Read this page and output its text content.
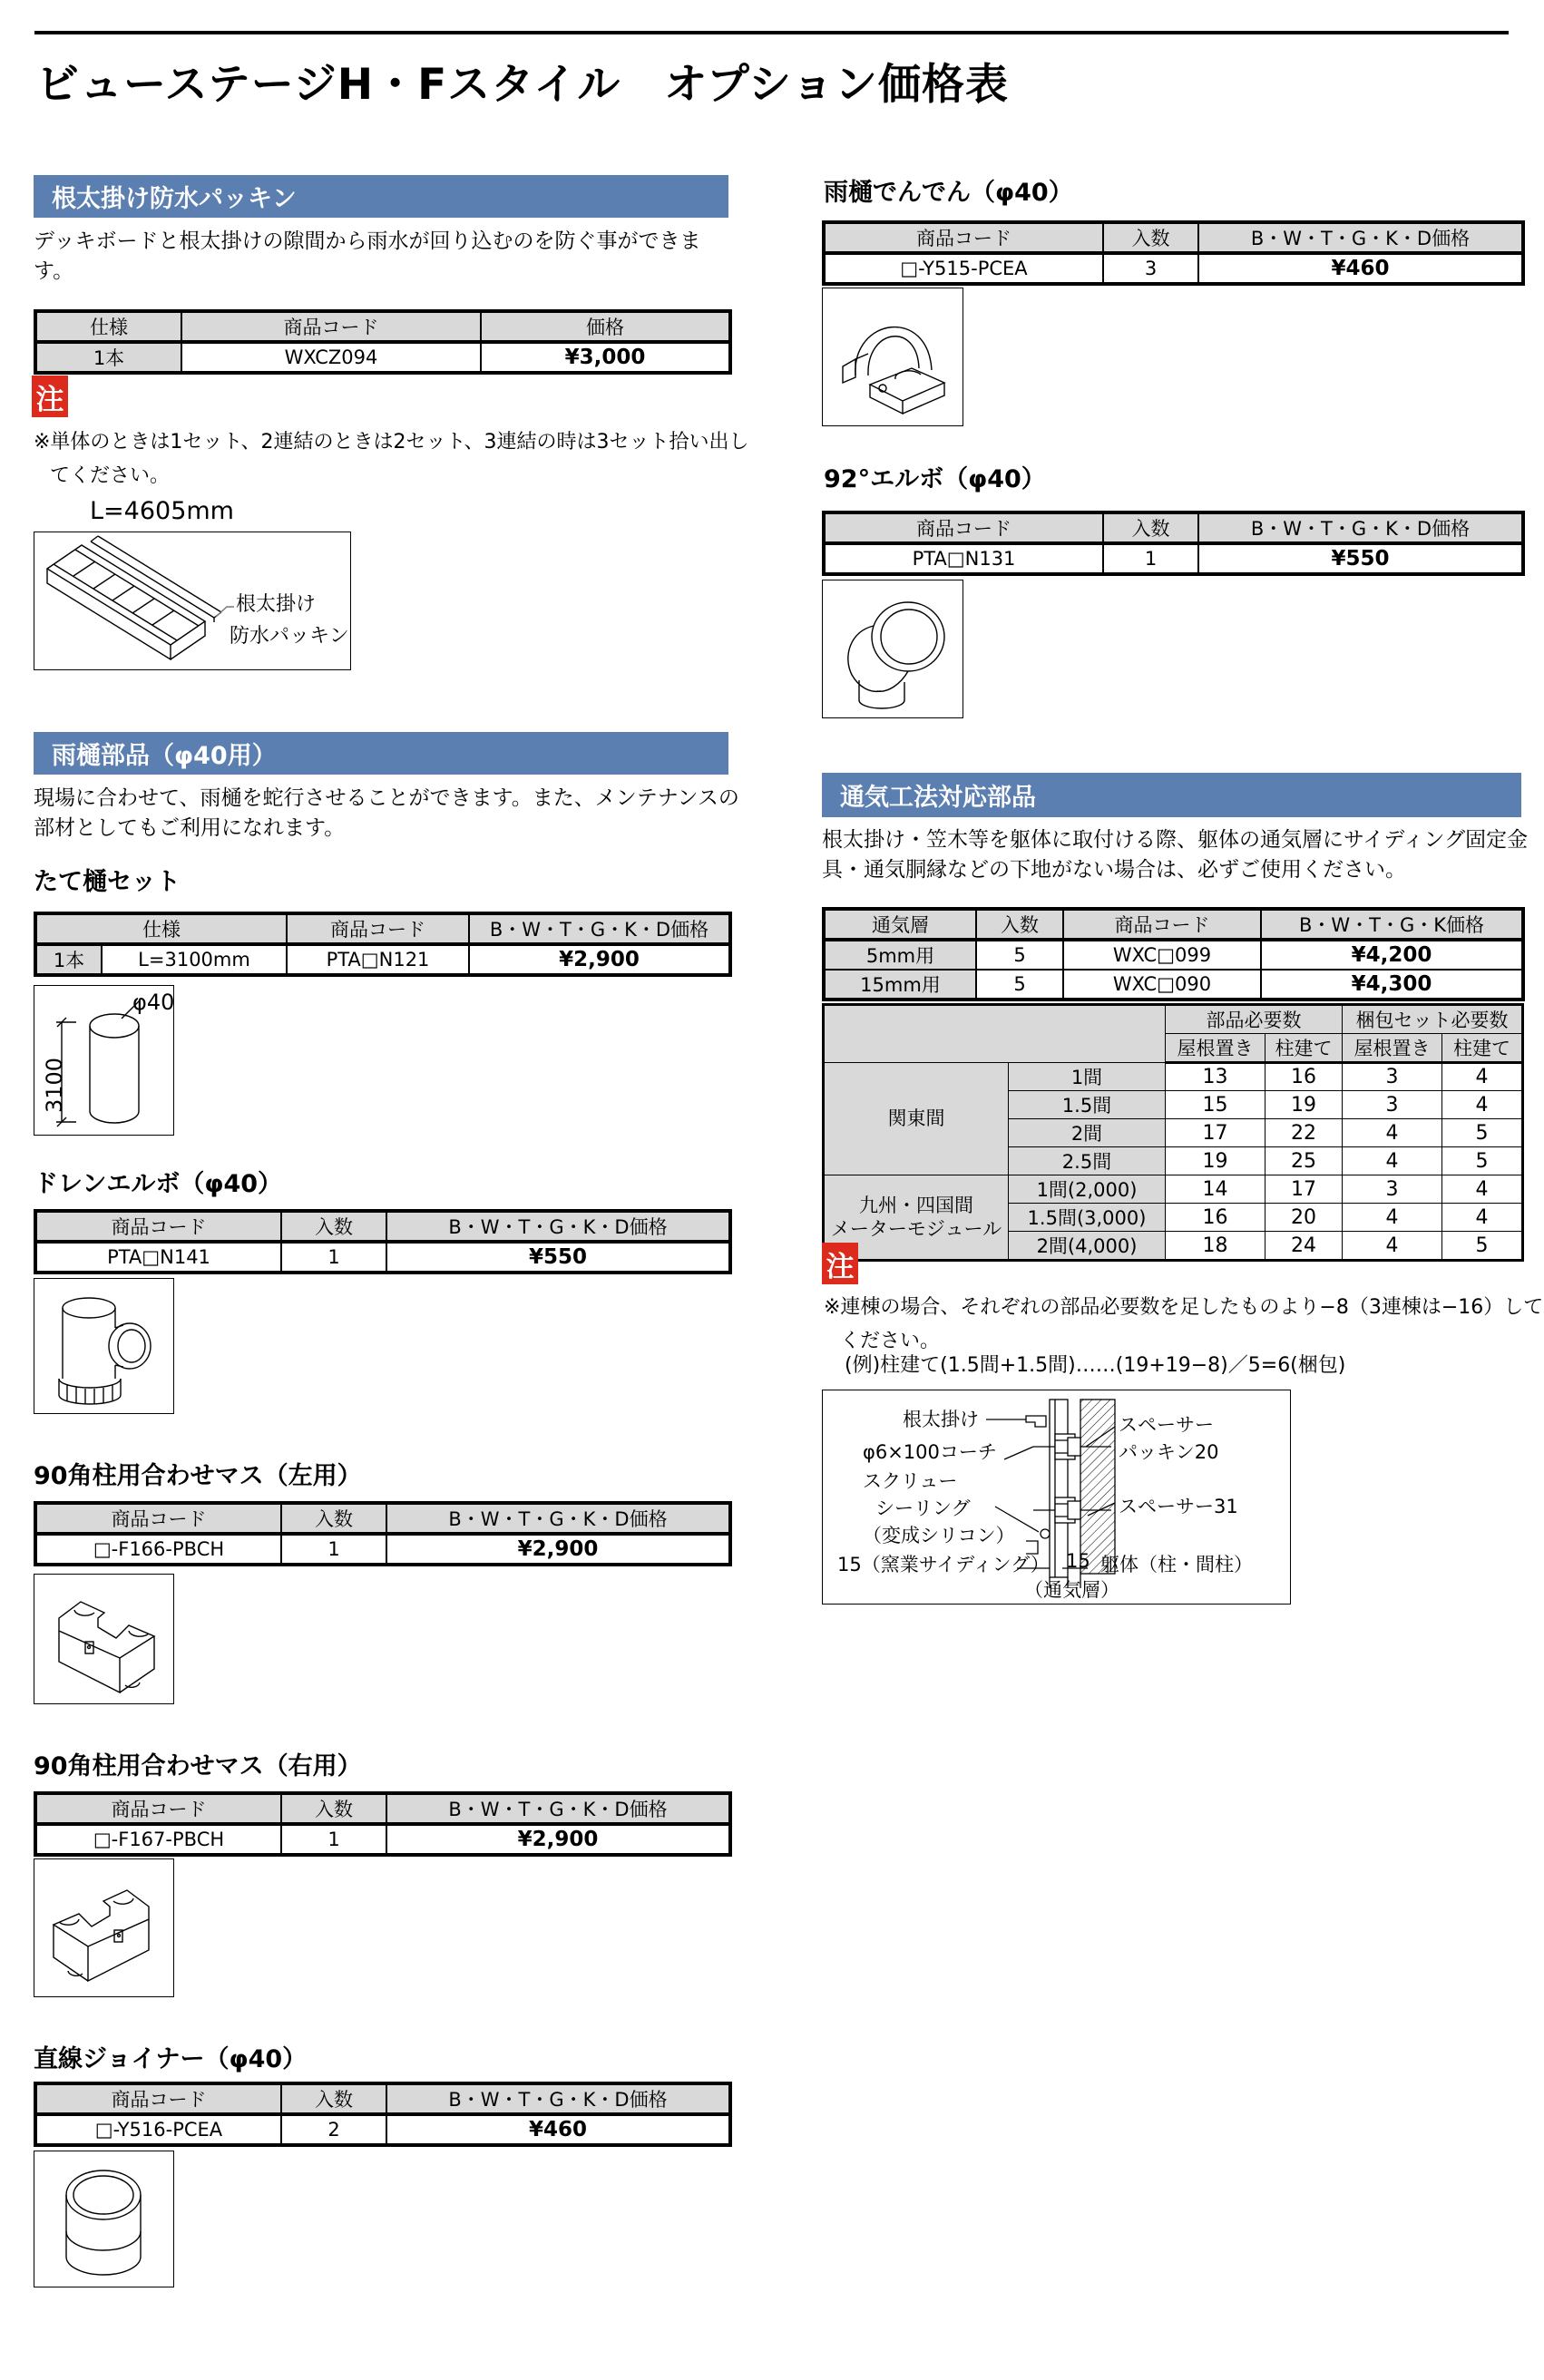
ビューステージH・Fスタイル　オプション価格表
根太掛け防水パッキン
デッキボードと根太掛けの隙間から雨水が回り込むのを防ぐ事ができます。
仕様	商品コード	価格
1本	WXCZ094	¥3,000
注
※単体のときは1セット、2連結のときは2セット、3連結の時は3セット拾い出してください。
L=4605mm
根太掛け
防水パッキン
雨樋部品（φ40用）
現場に合わせて、雨樋を蛇行させることができます。また、メンテナンスの部材としてもご利用になれます。
たて樋セット
仕様		商品コード	B・W・T・G・K・D価格
1本	L=3100mm	PTA□N121	¥2,900
φ40
3100
ドレンエルボ（φ40）
商品コード	入数	B・W・T・G・K・D価格
PTA□N141	1	¥550
90角柱用合わせマス（左用）
商品コード	入数	B・W・T・G・K・D価格
□-F166-PBCH	1	¥2,900
90角柱用合わせマス（右用）
商品コード	入数	B・W・T・G・K・D価格
□-F167-PBCH	1	¥2,900
直線ジョイナー（φ40）
商品コード	入数	B・W・T・G・K・D価格
□-Y516-PCEA	2	¥460
雨樋でんでん（φ40）
商品コード	入数	B・W・T・G・K・D価格
□-Y515-PCEA	3	¥460
92°エルボ（φ40）
商品コード	入数	B・W・T・G・K・D価格
PTA□N131	1	¥550
通気工法対応部品
根太掛け・笠木等を躯体に取付ける際、躯体の通気層にサイディング固定金具・通気胴縁などの下地がない場合は、必ずご使用ください。
通気層	入数	商品コード	B・W・T・G・K価格
5mm用	5	WXC□099	¥4,200
15mm用	5	WXC□090	¥4,300
		部品必要数		梱包セット必要数	
		屋根置き	柱建て	屋根置き	柱建て
関東間	1間	13	16	3	4
	1.5間	15	19	3	4
	2間	17	22	4	5
	2.5間	19	25	4	5

九州・四国間
メーターモジュール	1間(2,000)	14	17	3	4
	1.5間(3,000)	16	20	4	4
	2間(4,000)	18	24	4	5
注
※連棟の場合、それぞれの部品必要数を足したものより−8（3連棟は−16）してください。
(例)柱建て(1.5間+1.5間)……(19+19−8)／5=6(梱包)
根太掛け
φ6×100コーチ
スクリュー
シーリング
（変成シリコン）
15（窯業サイディング）
スペーサー
パッキン20
スペーサー31
躯体（柱・間柱）
15
（通気層）
